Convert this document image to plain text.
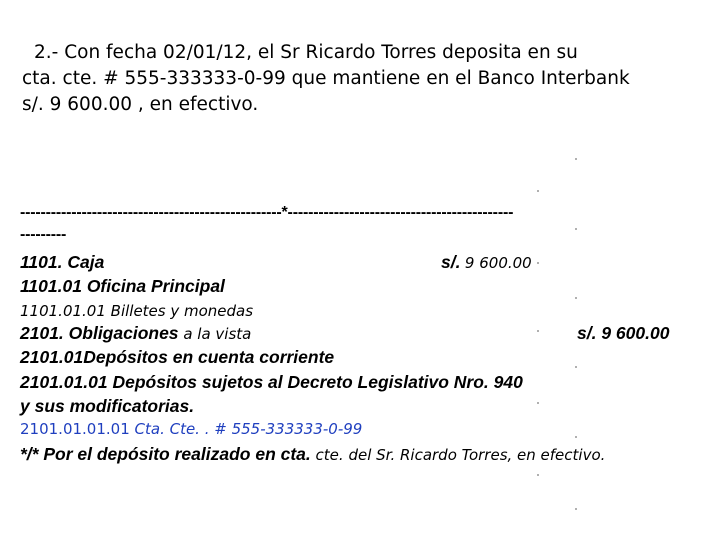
2.- Con fecha 02/01/12, el Sr Ricardo Torres deposita en su
cta. cte. # 555-333333-0-99 que mantiene en el Banco Interbank
s/. 9 600.00 , en efectivo.
---------------------------------------------------*--------------------------------------------
---------
1101. Caja	s/. 9 600.00
1101.01 Oficina Principal
1101.01.01 Billetes y monedas
2101. Obligaciones a la vista	s/. 9 600.00
2101.01Depósitos en cuenta corriente
2101.01.01 Depósitos sujetos al Decreto Legislativo Nro. 940
y sus modificatorias.
2101.01.01.01 Cta. Cte. . # 555-333333-0-99
*/* Por el depósito realizado en cta. cte. del Sr. Ricardo Torres, en efectivo.
